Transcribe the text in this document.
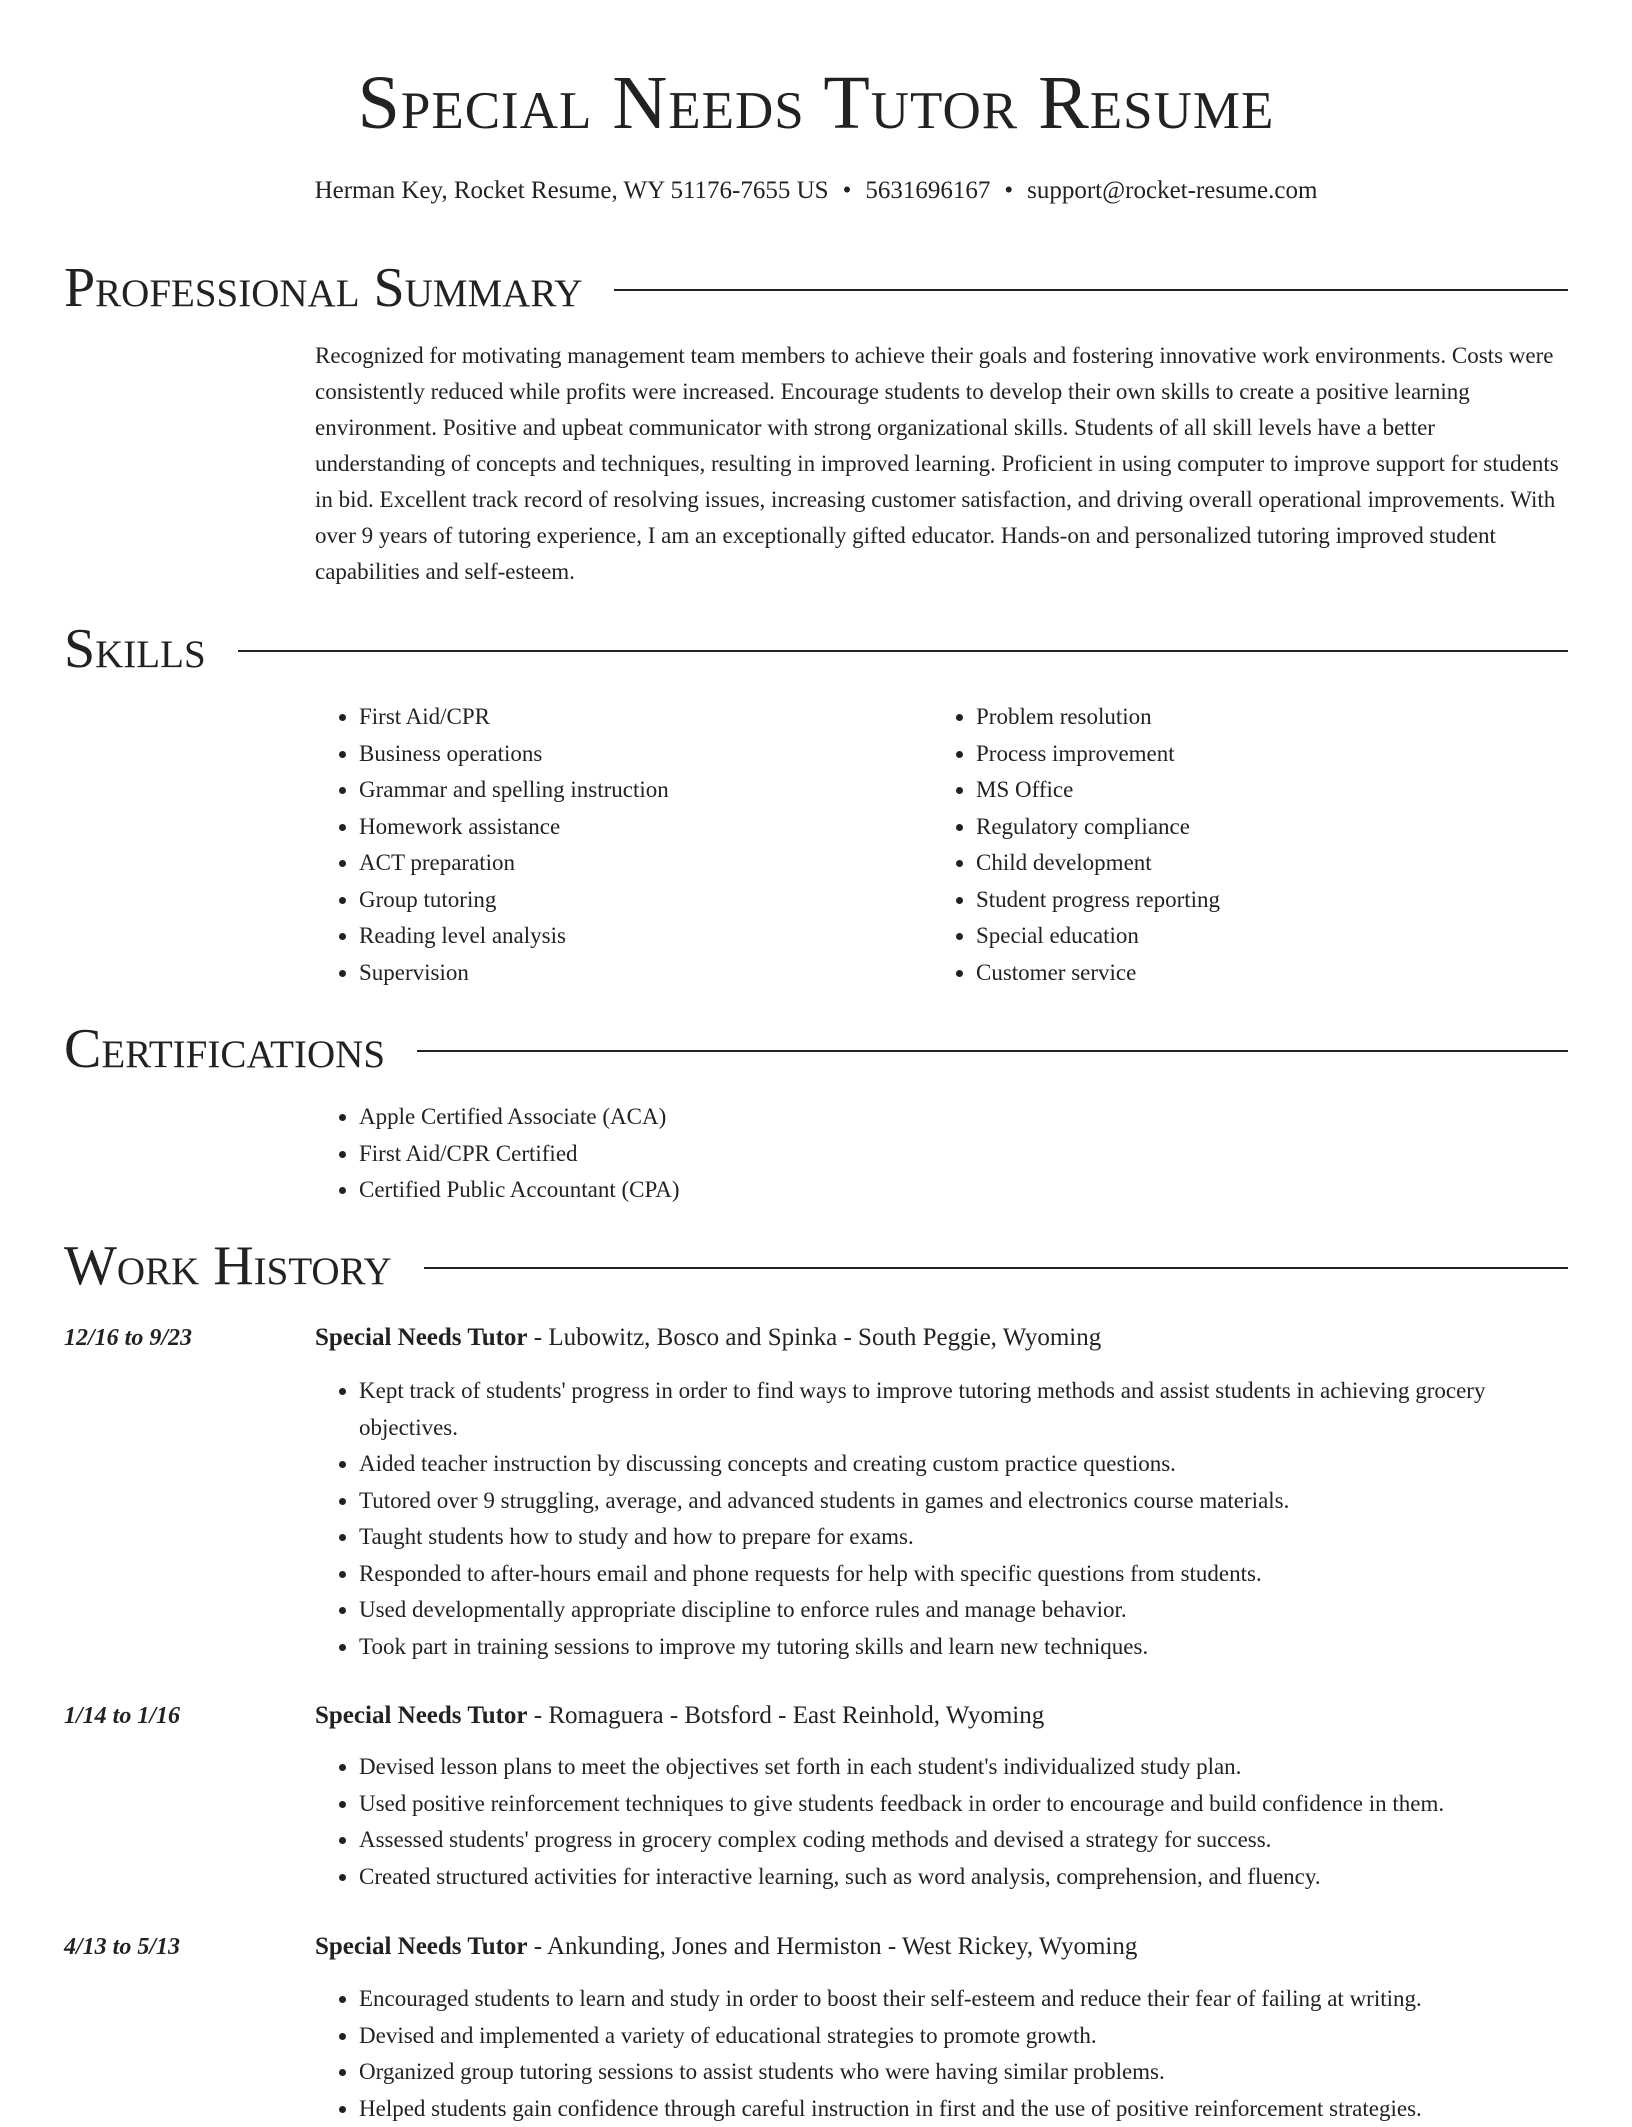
Special Needs Tutor Resume
Herman Key, Rocket Resume, WY 51176-7655 US • 5631696167 • support@rocket-resume.com
Professional Summary

Recognized for motivating management team members to achieve their goals and fostering innovative work environments. Costs were consistently reduced while profits were increased. Encourage students to develop their own skills to create a positive learning environment. Positive and upbeat communicator with strong organizational skills. Students of all skill levels have a better understanding of concepts and techniques, resulting in improved learning. Proficient in using computer to improve support for students in bid. Excellent track record of resolving issues, increasing customer satisfaction, and driving overall operational improvements. With over 9 years of tutoring experience, I am an exceptionally gifted educator. Hands-on and personalized tutoring improved student capabilities and self-esteem.

Skills
• First Aid/CPR
• Business operations
• Grammar and spelling instruction
• Homework assistance
• ACT preparation
• Group tutoring
• Reading level analysis
• Supervision
• Problem resolution
• Process improvement
• MS Office
• Regulatory compliance
• Child development
• Student progress reporting
• Special education
• Customer service
Certifications
• Apple Certified Associate (ACA)
• First Aid/CPR Certified
• Certified Public Accountant (CPA)
Work History
12/16 to 9/23	Special Needs Tutor - Lubowitz, Bosco and Spinka - South Peggie, Wyoming
• Kept track of students' progress in order to find ways to improve tutoring methods and assist students in achieving grocery objectives.
• Aided teacher instruction by discussing concepts and creating custom practice questions.
• Tutored over 9 struggling, average, and advanced students in games and electronics course materials.
• Taught students how to study and how to prepare for exams.
• Responded to after-hours email and phone requests for help with specific questions from students.
• Used developmentally appropriate discipline to enforce rules and manage behavior.
• Took part in training sessions to improve my tutoring skills and learn new techniques.
1/14 to 1/16	Special Needs Tutor - Romaguera - Botsford - East Reinhold, Wyoming
• Devised lesson plans to meet the objectives set forth in each student's individualized study plan.
• Used positive reinforcement techniques to give students feedback in order to encourage and build confidence in them.
• Assessed students' progress in grocery complex coding methods and devised a strategy for success.
• Created structured activities for interactive learning, such as word analysis, comprehension, and fluency.
4/13 to 5/13	Special Needs Tutor - Ankunding, Jones and Hermiston - West Rickey, Wyoming
• Encouraged students to learn and study in order to boost their self-esteem and reduce their fear of failing at writing.
• Devised and implemented a variety of educational strategies to promote growth.
• Organized group tutoring sessions to assist students who were having similar problems.
• Helped students gain confidence through careful instruction in first and the use of positive reinforcement strategies.
